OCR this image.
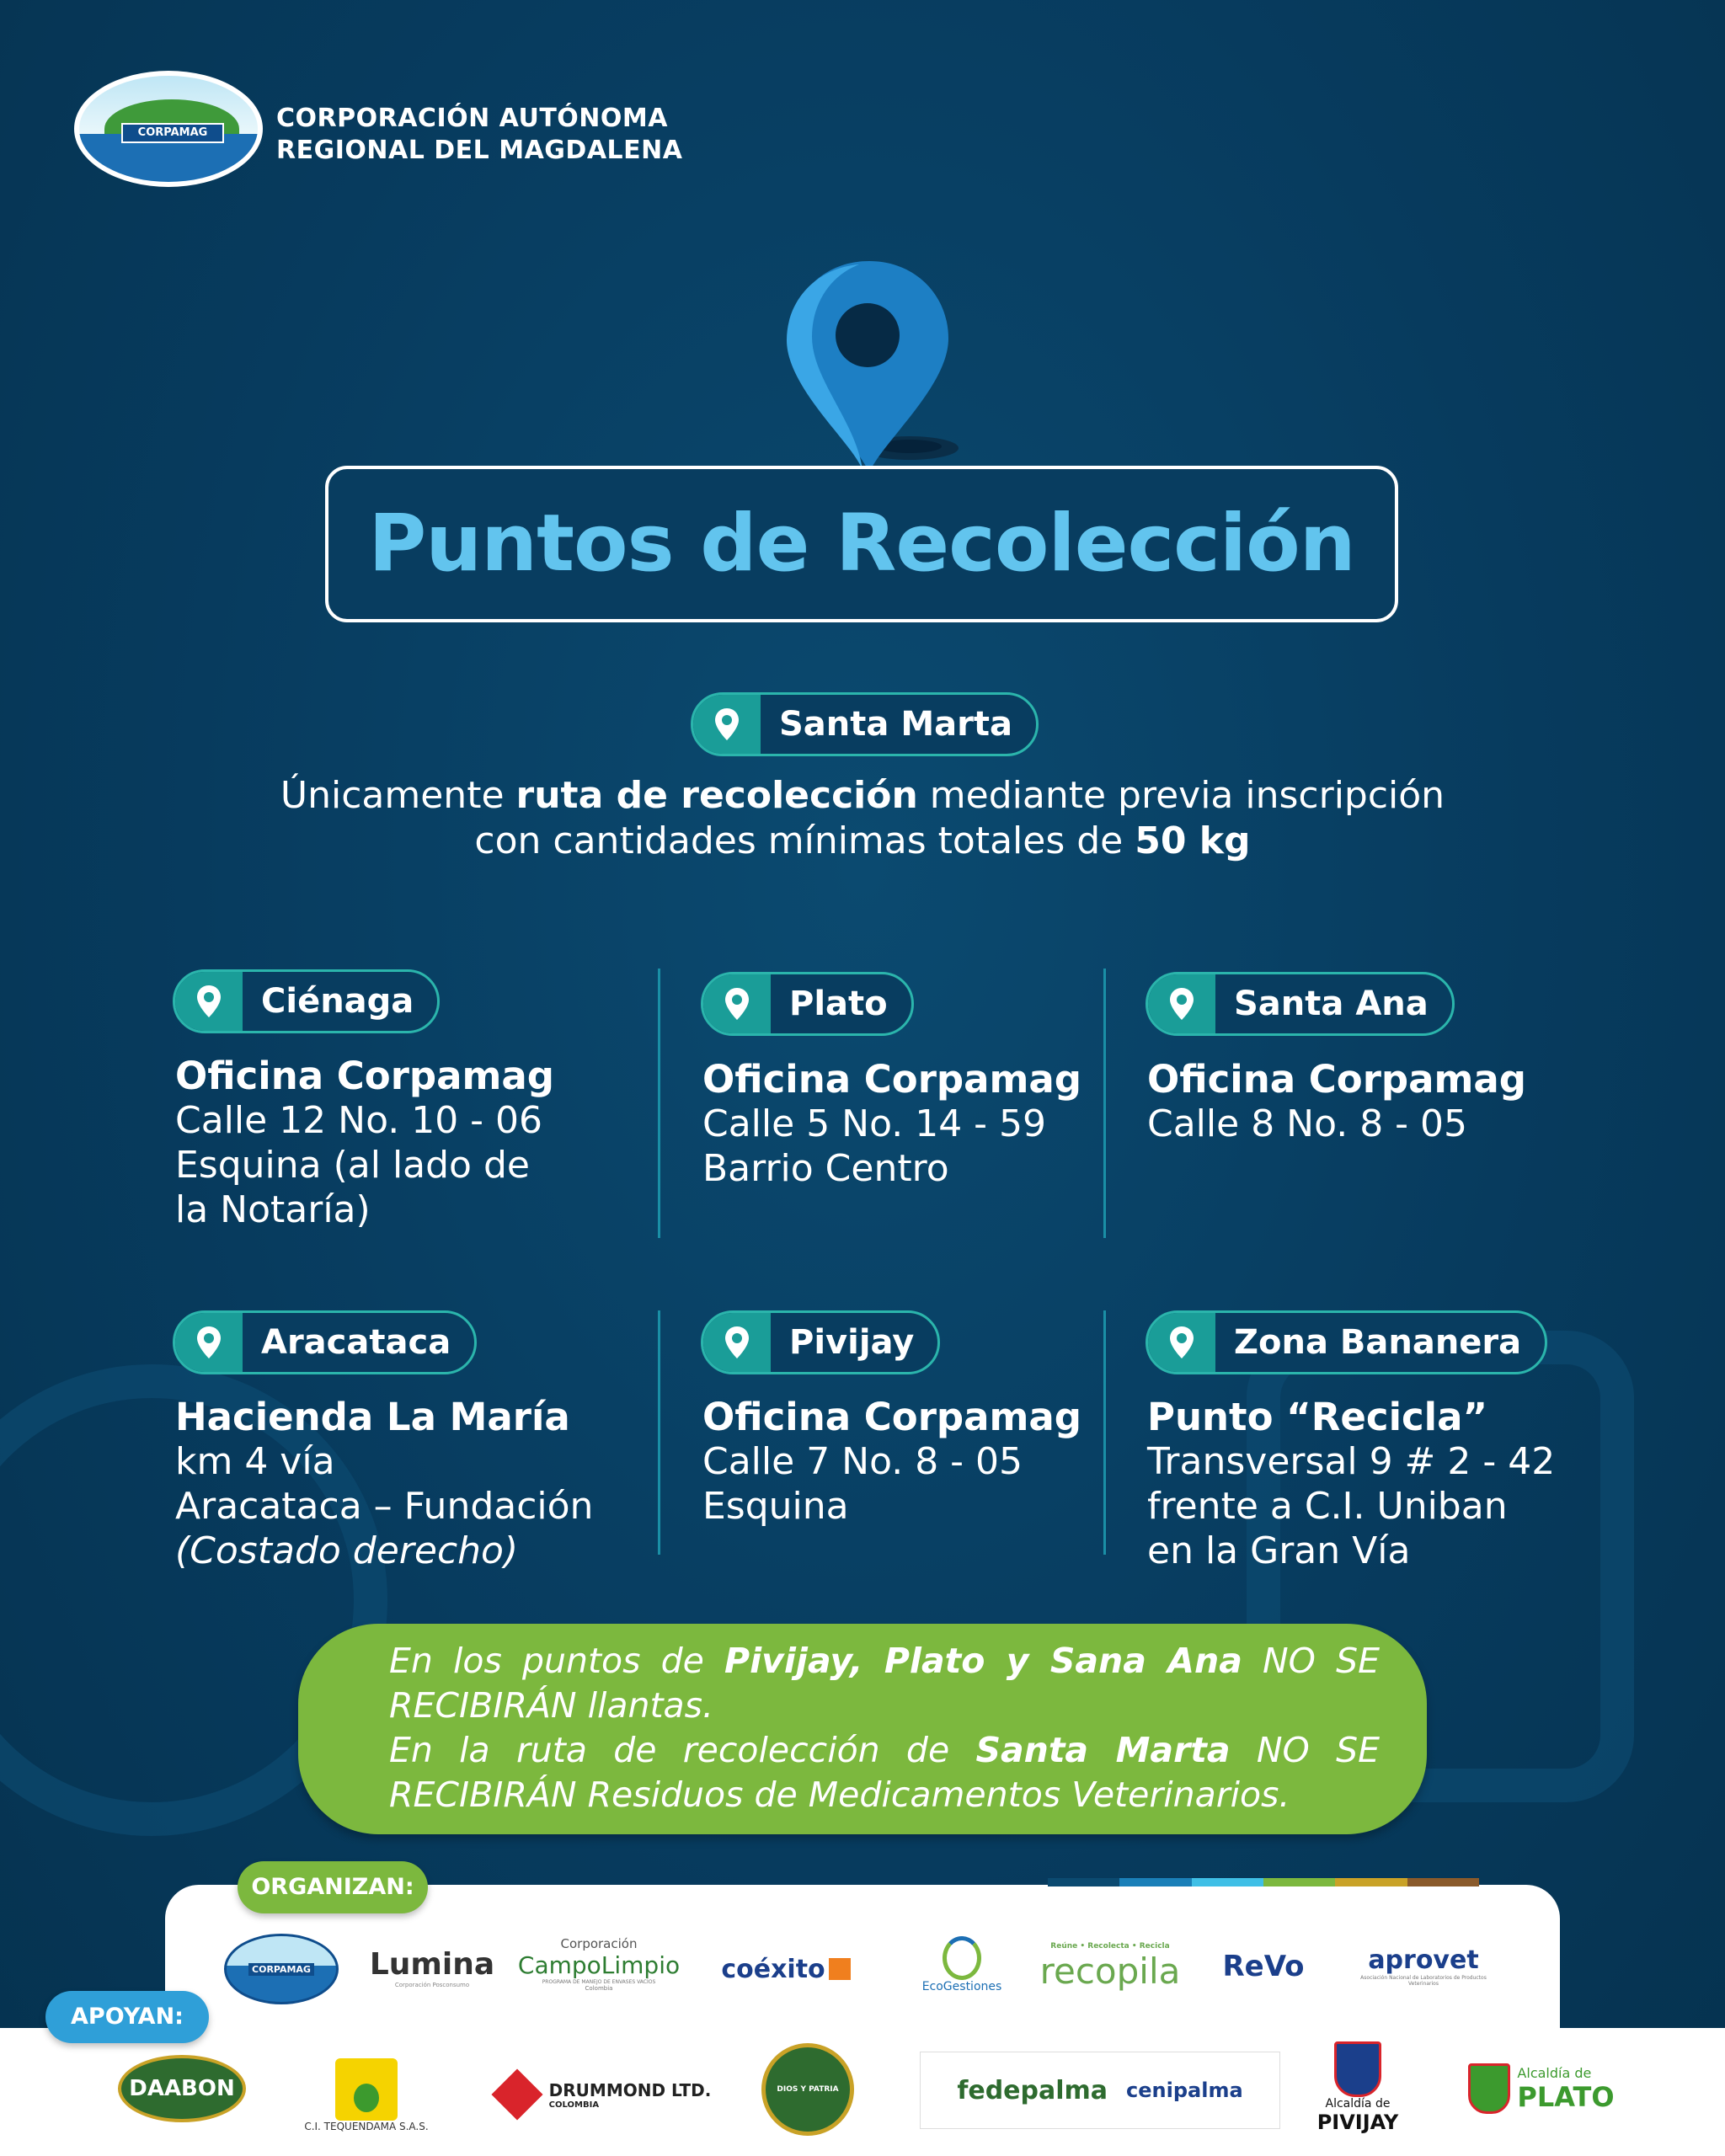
CORPAMAG	CORPORACIÓN AUTÓNOMA
REGIONAL DEL MAGDALENA
Puntos de Recolección
Santa Marta
Únicamente ruta de recolección mediante previa inscripción
con cantidades mínimas totales de 50 kg
Ciénaga
Oficina Corpamag
Calle 12 No. 10 - 06
Esquina (al lado de
la Notaría)
Plato
Oficina Corpamag
Calle 5 No. 14 - 59
Barrio Centro
Santa Ana
Oficina Corpamag
Calle 8 No. 8 - 05
Aracataca
Hacienda La María
km 4 vía
Aracataca – Fundación
(Costado derecho)
Pivijay
Oficina Corpamag
Calle 7 No. 8 - 05
Esquina
Zona Bananera
Punto “Recicla”
Transversal 9 # 2 - 42
frente a C.I. Uniban
en la Gran Vía
En los puntos de Pivijay, Plato y Sana Ana NO SE RECIBIRÁN llantas.
En la ruta de recolección de Santa Marta NO SE RECIBIRÁN Residuos de Medicamentos Veterinarios.
ORGANIZAN:
CORPAMAG Lumina
Corporación Posconsumo
Corporación
CampoLimpio
PROGRAMA DE MANEJO DE ENVASES VACÍOS
Colombia
coéxito
EcoGestiones
Reúne • Recolecta • Recicla
recopila ReVo	aprovet
Asociación Nacional de Laboratorios de Productos Veterinarios
APOYAN:
DAABON
C.I. TEQUENDAMA S.A.S.
DRUMMOND LTD.
COLOMBIA
DIOS Y PATRIA	fedepalma cenipalma
Alcaldía de
PIVIJAY
Alcaldía de
PLATO
